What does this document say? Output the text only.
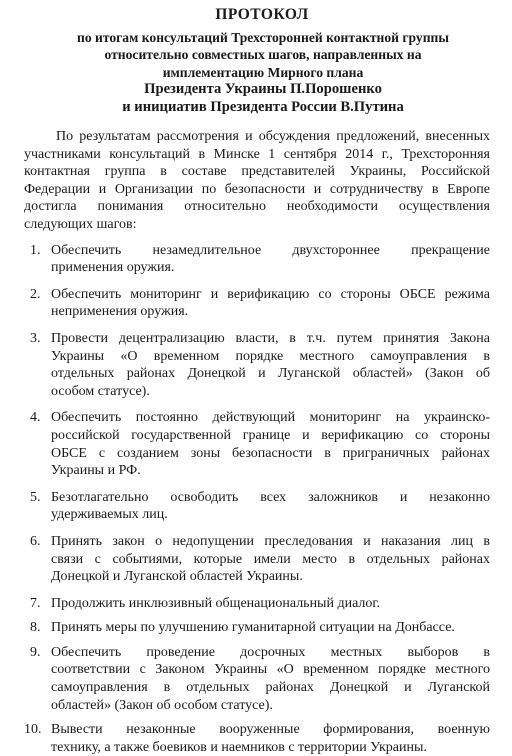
ПРОТОКОЛ
по итогам консультаций Трехсторонней контактной группы
относительно совместных шагов, направленных на
имплементацию Мирного плана
Президента Украины П.Порошенко
и инициатив Президента России В.Путина
По результатам рассмотрения и обсуждения предложений, внесенных
участниками консультаций в Минске 1 сентября 2014 г., Трехсторонняя
контактная группа в составе представителей Украины, Российской
Федерации и Организации по безопасности и сотрудничеству в Европе
достигла понимания относительно необходимости осуществления
следующих шагов:
1. Обеспечить незамедлительное двухстороннее прекращение
применения оружия.
2. Обеспечить мониторинг и верификацию со стороны ОБСЕ режима
неприменения оружия.
3. Провести децентрализацию власти, в т.ч. путем принятия Закона
Украины «О временном порядке местного самоуправления в
отдельных районах Донецкой и Луганской областей» (Закон об
особом статусе).
4. Обеспечить постоянно действующий мониторинг на украинско-
российской государственной границе и верификацию со стороны
ОБСЕ с созданием зоны безопасности в приграничных районах
Украины и РФ.
5. Безотлагательно освободить всех заложников и незаконно
удерживаемых лиц.
6. Принять закон о недопущении преследования и наказания лиц в
связи с событиями, которые имели место в отдельных районах
Донецкой и Луганской областей Украины.
7. Продолжить инклюзивный общенациональный диалог.
8. Принять меры по улучшению гуманитарной ситуации на Донбассе.
9. Обеспечить проведение досрочных местных выборов в
соответствии с Законом Украины «О временном порядке местного
самоуправления в отдельных районах Донецкой и Луганской
областей» (Закон об особом статусе).
10. Вывести незаконные вооруженные формирования, военную
технику, а также боевиков и наемников с территории Украины.
